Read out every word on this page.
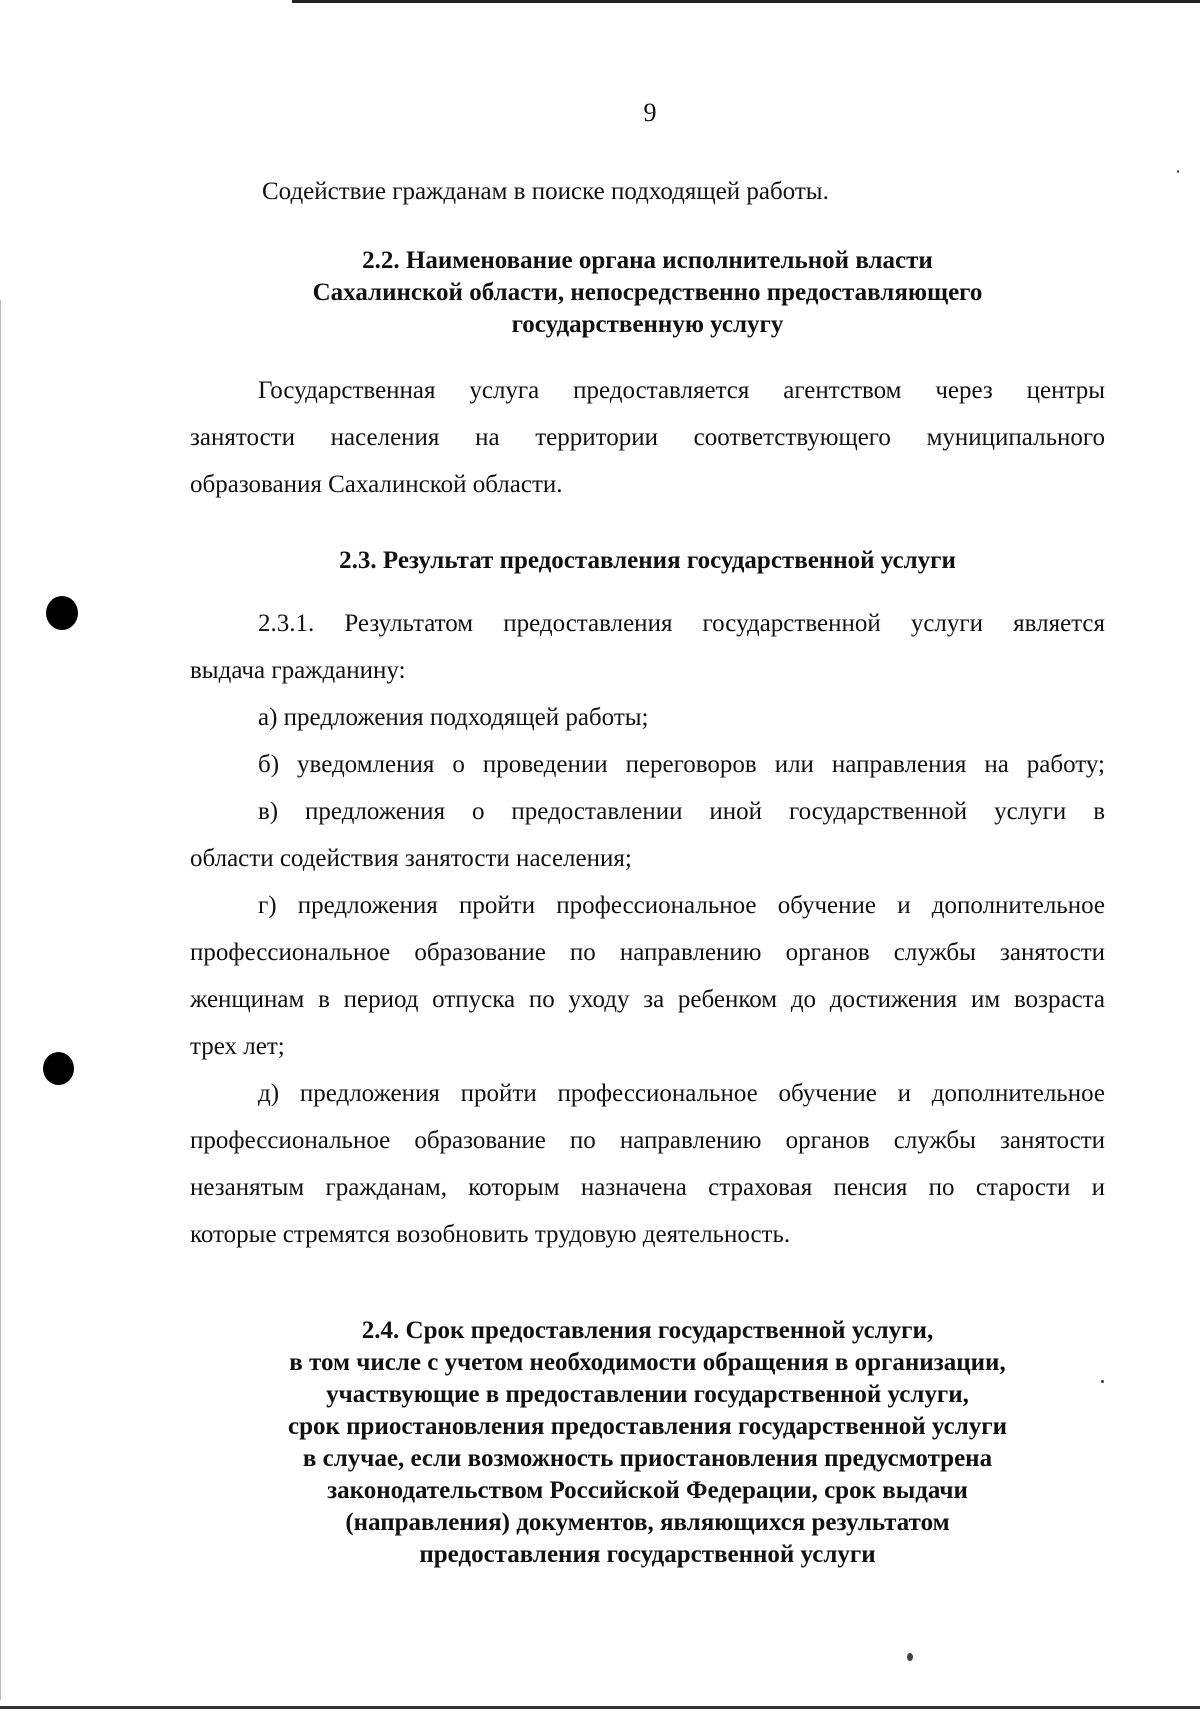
9
Содействие гражданам в поиске подходящей работы.
2.2. Наименование органа исполнительной власти
Сахалинской области, непосредственно предоставляющего
государственную услугу
Государственная услуга предоставляется агентством через центры
занятости населения на территории соответствующего муниципального
образования Сахалинской области.
2.3. Результат предоставления государственной услуги
2.3.1. Результатом предоставления государственной услуги является
выдача гражданину:
а) предложения подходящей работы;
б) уведомления о проведении переговоров или направления на работу;
в) предложения о предоставлении иной государственной услуги в
области содействия занятости населения;
г) предложения пройти профессиональное обучение и дополнительное
профессиональное образование по направлению органов службы занятости
женщинам в период отпуска по уходу за ребенком до достижения им возраста
трех лет;
д) предложения пройти профессиональное обучение и дополнительное
профессиональное образование по направлению органов службы занятости
незанятым гражданам, которым назначена страховая пенсия по старости и
которые стремятся возобновить трудовую деятельность.
2.4. Срок предоставления государственной услуги,
в том числе с учетом необходимости обращения в организации,
участвующие в предоставлении государственной услуги,
срок приостановления предоставления государственной услуги
в случае, если возможность приостановления предусмотрена
законодательством Российской Федерации, срок выдачи
(направления) документов, являющихся результатом
предоставления государственной услуги
